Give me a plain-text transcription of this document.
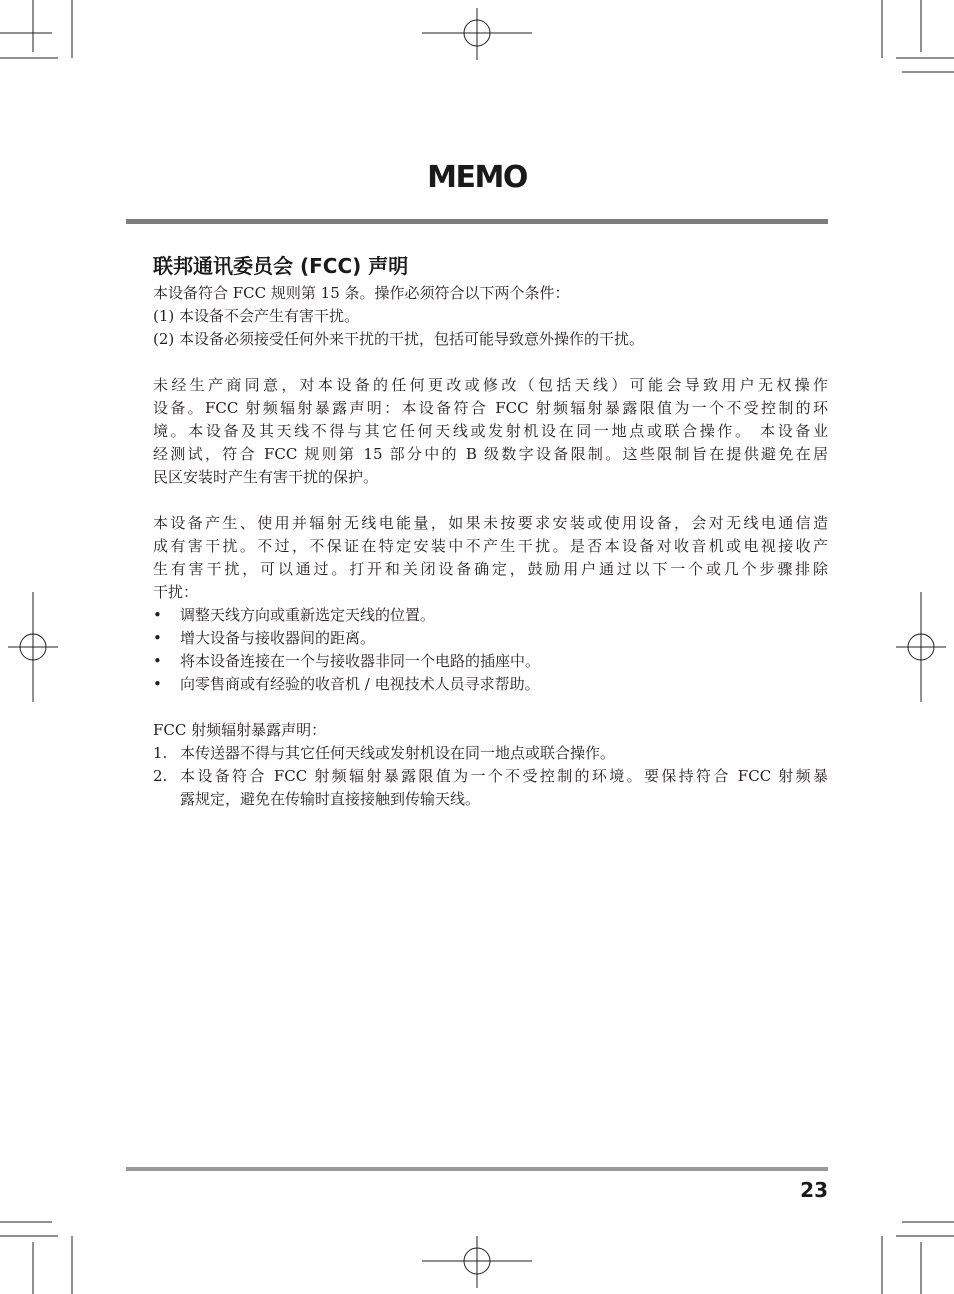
MEMO
联邦通讯委员会 (FCC) 声明
本设备符合 FCC 规则第 15 条。操作必须符合以下两个条件：
(1) 本设备不会产生有害干扰。
(2) 本设备必须接受任何外来干扰的干扰，包括可能导致意外操作的干扰。
未经生产商同意，对本设备的任何更改或修改（包括天线）可能会导致用户无权操作
设备。FCC 射频辐射暴露声明：本设备符合 FCC 射频辐射暴露限值为一个不受控制的环
境。本设备及其天线不得与其它任何天线或发射机设在同一地点或联合操作。 本设备业
经测试，符合 FCC 规则第 15 部分中的 B 级数字设备限制。这些限制旨在提供避免在居
民区安装时产生有害干扰的保护。
本设备产生、使用并辐射无线电能量，如果未按要求安装或使用设备，会对无线电通信造
成有害干扰。不过，不保证在特定安装中不产生干扰。是否本设备对收音机或电视接收产
生有害干扰，可以通过。打开和关闭设备确定，鼓励用户通过以下一个或几个步骤排除
干扰：
• 调整天线方向或重新选定天线的位置。
• 增大设备与接收器间的距离。
• 将本设备连接在一个与接收器非同一个电路的插座中。
• 向零售商或有经验的收音机 / 电视技术人员寻求帮助。
FCC 射频辐射暴露声明：
1. 本传送器不得与其它任何天线或发射机设在同一地点或联合操作。
2. 本设备符合 FCC 射频辐射暴露限值为一个不受控制的环境。要保持符合 FCC 射频暴
露规定，避免在传输时直接接触到传输天线。
23
